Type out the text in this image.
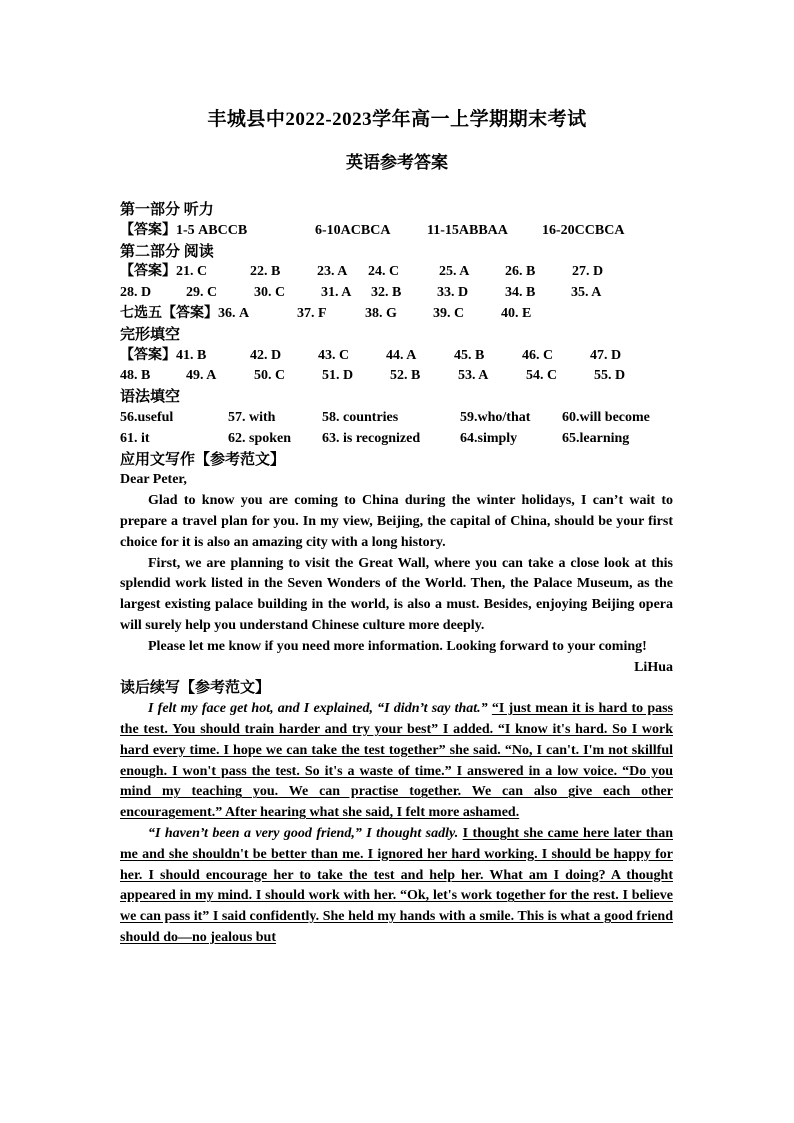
丰城县中2022-2023学年高一上学期期末考试
英语参考答案
第一部分 听力
【答案】1-5 ABCCB	6-10ACBCA	11-15ABBAA 16-20CCBCA
第二部分 阅读
【答案】21. C	22. B	23. A 24. C	25. A	26. B	27. D
28. D 29. C	30. C	31. A 32. B	33. D	34. B	35. A
七选五【答案】36. A	37. F	38. G	39. C	40. E
完形填空
【答案】41. B	42. D	43. C	44. A	45. B	46. C	47. D
48. B	49. A	50. C	51. D	52. B	53. A	54. C	55. D
语法填空
56.useful	57. with	58. countries	59.who/that 60.will become
61. it	62. spoken 63. is recognized	64.simply	65.learning
应用文写作【参考范文】
Dear Peter,
Glad to know you are coming to China during the winter holidays, I can’t wait to prepare a travel plan for you. In my view, Beijing, the capital of China, should be your first choice for it is also an amazing city with a long history.
First, we are planning to visit the Great Wall, where you can take a close look at this splendid work listed in the Seven Wonders of the World. Then, the Palace Museum, as the largest existing palace building in the world, is also a must. Besides, enjoying Beijing opera will surely help you understand Chinese culture more deeply.
Please let me know if you need more information. Looking forward to your coming!
LiHua
读后续写【参考范文】
I felt my face get hot, and I explained, “I didn’t say that.” “I just mean it is hard to pass the test. You should train harder and try your best” I added. “I know it's hard. So I work hard every time. I hope we can take the test together” she said. “No, I can't. I'm not skillful enough. I won't pass the test. So it's a waste of time.” I answered in a low voice. “Do you mind my teaching you. We can practise together. We can also give each other encouragement.” After hearing what she said, I felt more ashamed.
“I haven’t been a very good friend,” I thought sadly. I thought she came here later than me and she shouldn't be better than me. I ignored her hard working. I should be happy for her. I should encourage her to take the test and help her. What am I doing? A thought appeared in my mind. I should work with her. “Ok, let's work together for the rest. I believe we can pass it” I said confidently. She held my hands with a smile. This is what a good friend should do—no jealous but
